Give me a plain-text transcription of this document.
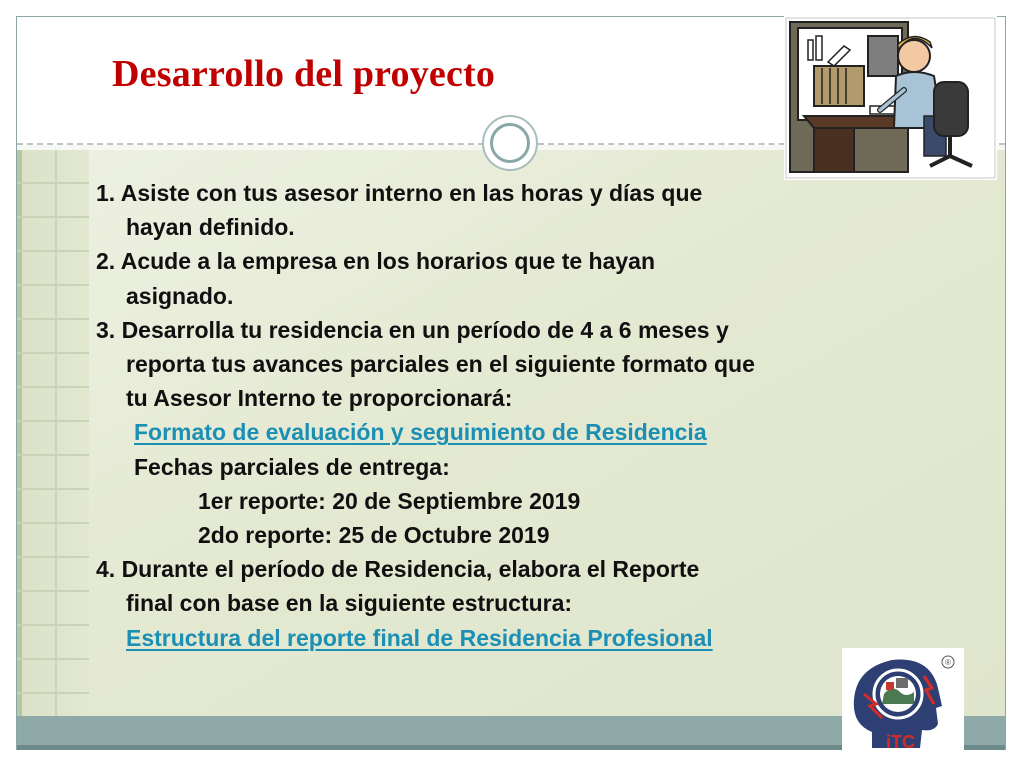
Desarrollo del proyecto
1. Asiste con tus asesor interno en las horas y días que
hayan definido.
2. Acude a la empresa en los horarios que te hayan
asignado.
3. Desarrolla tu residencia en un período de 4 a 6 meses y
reporta tus avances parciales en el siguiente formato que
tu Asesor Interno te proporcionará:
Formato de evaluación y seguimiento de Residencia
Fechas parciales de entrega:
1er reporte: 20 de Septiembre 2019
2do reporte: 25 de Octubre 2019
4. Durante el período de Residencia, elabora el Reporte
final con base en la siguiente estructura:
Estructura del reporte final de Residencia Profesional
®
iTC
